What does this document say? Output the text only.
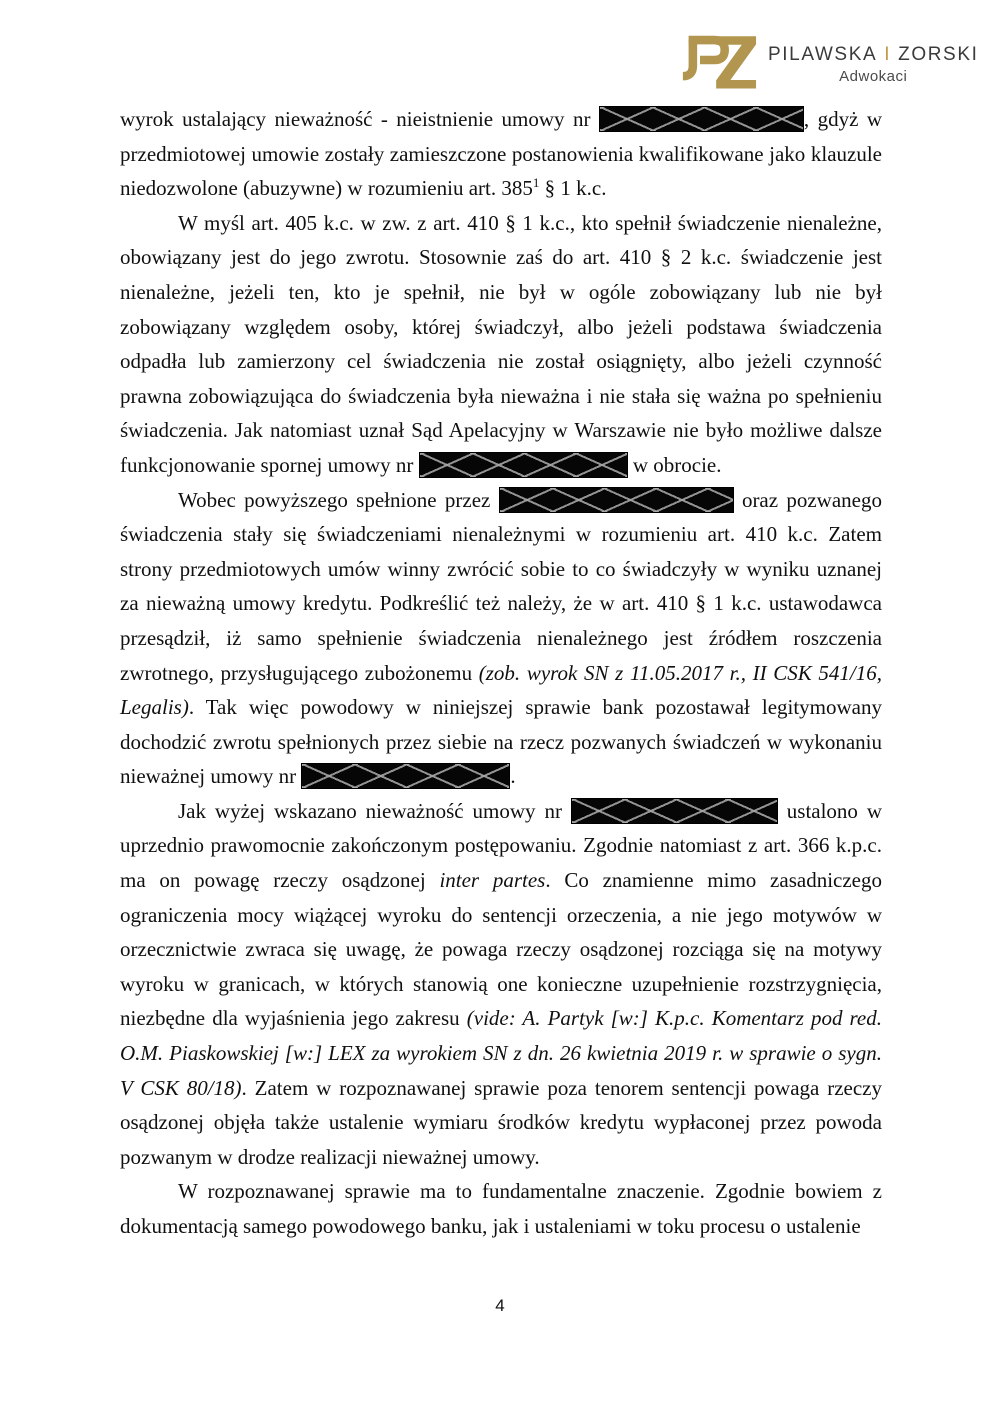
PILAWSKA I ZORSKI
Adwokaci

wyrok ustalający nieważność - nieistnienie umowy nr	, gdyż w przedmiotowej umowie zostały zamieszczone postanowienia kwalifikowane jako klauzule niedozwolone (abuzywne) w rozumieniu art. $385^1$ § 1 k.c.

W myśl art. 405 k.c. w zw. z art. 410 § 1 k.c., kto spełnił świadczenie nienależne, obowiązany jest do jego zwrotu. Stosownie zaś do art. 410 § 2 k.c. świadczenie jest nienależne, jeżeli ten, kto je spełnił, nie był w ogóle zobowiązany lub nie był zobowiązany względem osoby, której świadczył, albo jeżeli podstawa świadczenia odpadła lub zamierzony cel świadczenia nie został osiągnięty, albo jeżeli czynność prawna zobowiązująca do świadczenia była nieważna i nie stała się ważna po spełnieniu świadczenia. Jak natomiast uznał Sąd Apelacyjny w Warszawie nie było możliwe dalsze funkcjonowanie spornej umowy nr	w obrocie.

Wobec powyższego spełnione przez	oraz pozwanego świadczenia stały się świadczeniami nienależnymi w rozumieniu art. 410 k.c. Zatem strony przedmiotowych umów winny zwrócić sobie to co świadczyły w wyniku uznanej za nieważną umowy kredytu. Podkreślić też należy, że w art. 410 § 1 k.c. ustawodawca przesądził, iż samo spełnienie świadczenia nienależnego jest źródłem roszczenia zwrotnego, przysługującego zubożonemu (zob. wyrok SN z 11.05.2017 r., II CSK 541/16, Legalis). Tak więc powodowy w niniejszej sprawie bank pozostawał legitymowany dochodzić zwrotu spełnionych przez siebie na rzecz pozwanych świadczeń w wykonaniu nieważnej umowy nr	.

Jak wyżej wskazano nieważność umowy nr	ustalono w uprzednio prawomocnie zakończonym postępowaniu. Zgodnie natomiast z art. 366 k.p.c. ma on powagę rzeczy osądzonej inter partes. Co znamienne mimo zasadniczego ograniczenia mocy wiążącej wyroku do sentencji orzeczenia, a nie jego motywów w orzecznictwie zwraca się uwagę, że powaga rzeczy osądzonej rozciąga się na motywy wyroku w granicach, w których stanowią one konieczne uzupełnienie rozstrzygnięcia, niezbędne dla wyjaśnienia jego zakresu (vide: A. Partyk [w:] K.p.c. Komentarz pod red. O.M. Piaskowskiej [w:] LEX za wyrokiem SN z dn. 26 kwietnia 2019 r. w sprawie o sygn. V CSK 80/18). Zatem w rozpoznawanej sprawie poza tenorem sentencji powaga rzeczy osądzonej objęła także ustalenie wymiaru środków kredytu wypłaconej przez powoda pozwanym w drodze realizacji nieważnej umowy.

W rozpoznawanej sprawie ma to fundamentalne znaczenie. Zgodnie bowiem z dokumentacją samego powodowego banku, jak i ustaleniami w toku procesu o ustalenie

4
